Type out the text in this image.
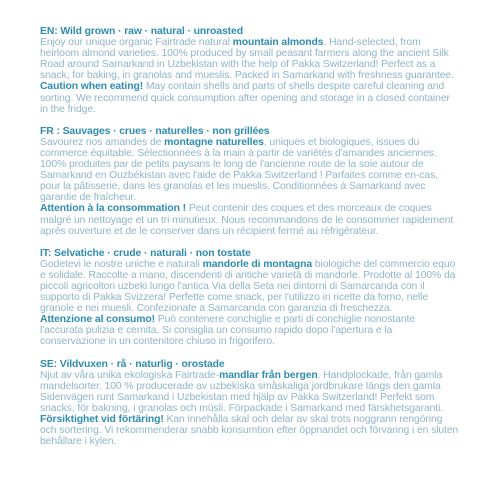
EN: Wild grown · raw · natural · unroasted

Enjoy our unique organic Fairtrade natural mountain almonds. Hand-selected, from heirloom almond varieties. 100% produced by small peasant farmers along the ancient Silk Road around Samarkand in Uzbekistan with the help of Pakka Switzerland! Perfect as a snack, for baking, in granolas and mueslis. Packed in Samarkand with freshness guarantee.

Caution when eating! May contain shells and parts of shells despite careful cleaning and sorting. We recommend quick consumption after opening and storage in a closed container in the fridge.

FR : Sauvages · crues · naturelles · non grillées

Savourez nos amandes de montagne naturelles, uniques et biologiques, issues du commerce équitable. Sélectionnées à la main à partir de variétés d'amandes anciennes. 100% produites par de petits paysans le long de l'ancienne route de la soie autour de Samarkand en Ouzbékistan avec l'aide de Pakka Switzerland ! Parfaites comme en-cas, pour la pâtisserie, dans les granolas et les mueslis. Conditionnées à Samarkand avec garantie de fraîcheur.

Attention à la consommation ! Peut contenir des coques et des morceaux de coques malgré un nettoyage et un tri minutieux. Nous recommandons de le consommer rapidement après ouverture et de le conserver dans un récipient fermé au réfrigérateur.

IT: Selvatiche · crude · naturali · non tostate

Godetevi le nostre uniche e naturali mandorle di montagna biologiche del commercio equo e solidale. Raccolte a mano, discendenti di antiche varietà di mandorle. Prodotte al 100% da piccoli agricoltori uzbeki lungo l'antica Via della Seta nei dintorni di Samarcanda con il supporto di Pakka Svizzera! Perfette come snack, per l'utilizzo in ricette da forno, nelle granole e nei muesli. Confezionate a Samarcanda con garanzia di freschezza.

Attenzione al consumo! Può contenere conchiglie e parti di conchiglie nonostante l'accurata pulizia e cernita. Si consiglia un consumo rapido dopo l'apertura e la conservazione in un contenitore chiuso in frigorifero.

SE: Vildvuxen · rå · naturlig · orostade

Njut av våra unika ekologiska Fairtrade-mandlar från bergen. Handplockade, från gamla mandelsorter. 100 % producerade av uzbekiska småskaliga jordbrukare längs den gamla Sidenvägen runt Samarkand i Uzbekistan med hjälp av Pakka Switzerland! Perfekt som snacks, för bakning, i granolas och müsli. Förpackade i Samarkand med färskhetsgaranti.

Försiktighet vid förtäring! Kan innehålla skal och delar av skal trots noggrann rengöring och sortering. Vi rekommenderar snabb konsumtion efter öppnandet och förvaring i en sluten behållare i kylen.
